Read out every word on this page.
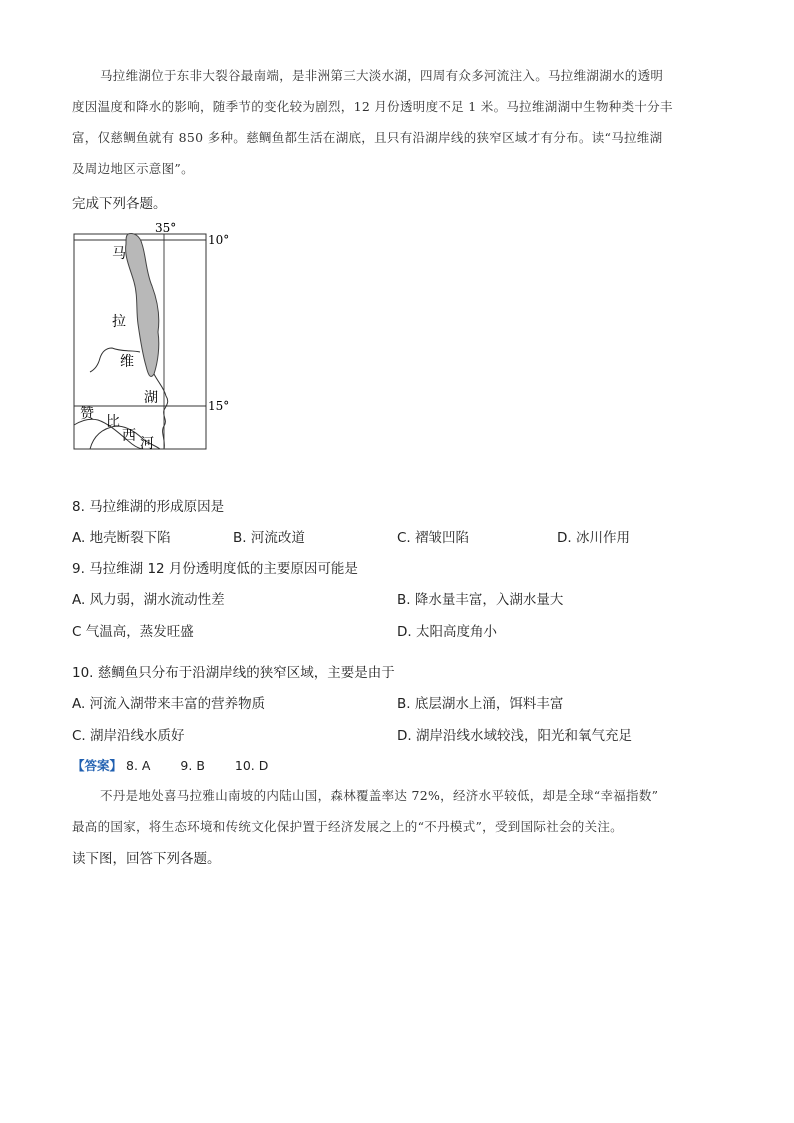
马拉维湖位于东非大裂谷最南端，是非洲第三大淡水湖，四周有众多河流注入。马拉维湖湖水的透明
度因温度和降水的影响，随季节的变化较为剧烈，12 月份透明度不足 1 米。马拉维湖湖中生物种类十分丰
富，仅慈鲷鱼就有 850 多种。慈鲷鱼都生活在湖底，且只有沿湖岸线的狭窄区域才有分布。读“马拉维湖
及周边地区示意图”。
完成下列各题。
35°
10°
15°
马
拉
维
湖
赞 比
西 河
8. 马拉维湖的形成原因是
A. 地壳断裂下陷	B. 河流改道	C. 褶皱凹陷	D. 冰川作用
9. 马拉维湖 12 月份透明度低的主要原因可能是
A. 风力弱，湖水流动性差	B. 降水量丰富，入湖水量大
C 气温高，蒸发旺盛	D. 太阳高度角小
10. 慈鲷鱼只分布于沿湖岸线的狭窄区域，主要是由于
A. 河流入湖带来丰富的营养物质	B. 底层湖水上涌，饵料丰富
C. 湖岸沿线水质好	D. 湖岸沿线水域较浅，阳光和氧气充足
【答案】 8. A 9. B 10. D
不丹是地处喜马拉雅山南坡的内陆山国，森林覆盖率达 72%，经济水平较低，却是全球“幸福指数”
最高的国家，将生态环境和传统文化保护置于经济发展之上的“不丹模式”，受到国际社会的关注。
读下图，回答下列各题。
